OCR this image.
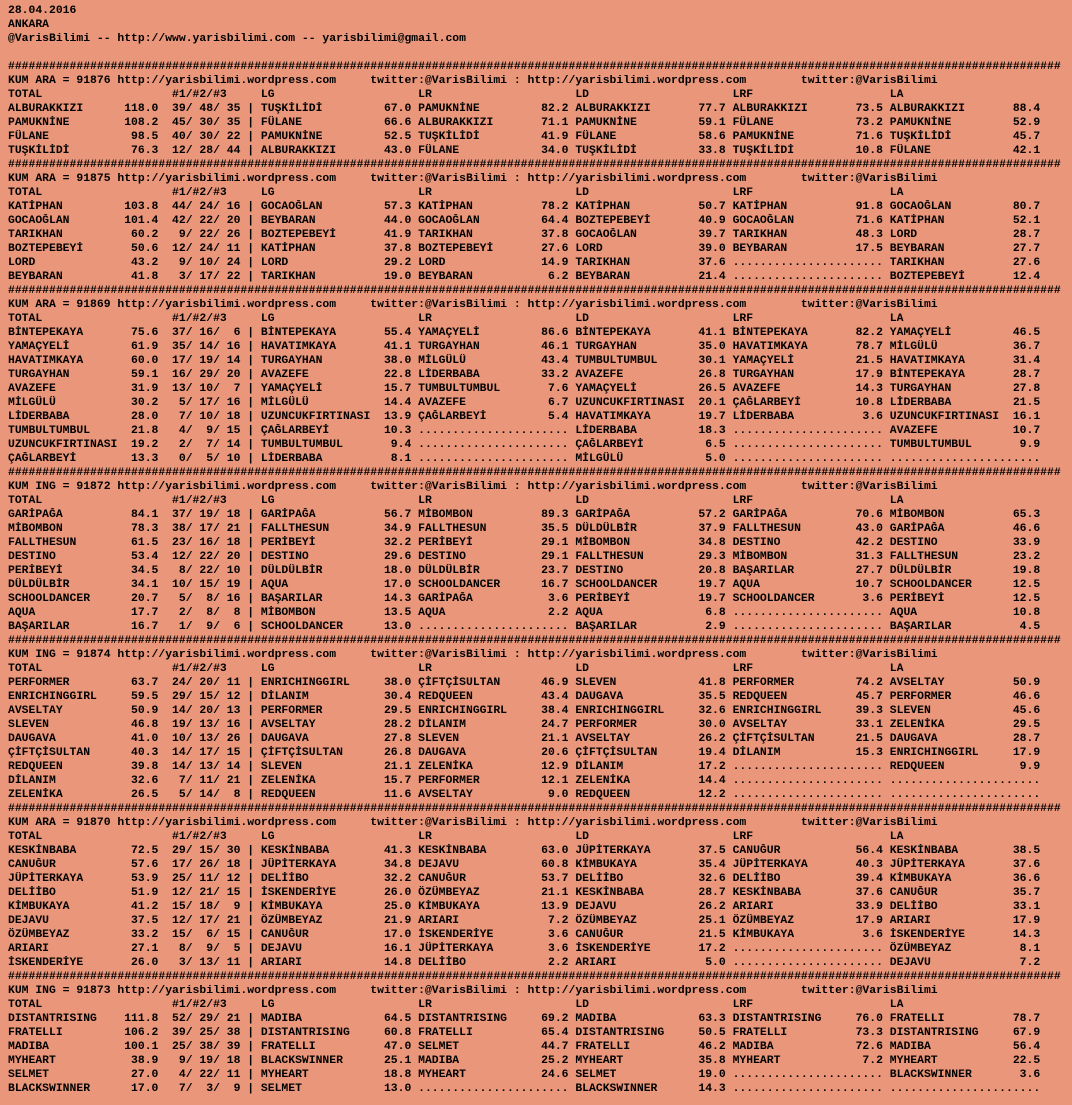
28.04.2016
ANKARA
@VarisBilimi -- http://www.yarisbilimi.com -- yarisbilimi@gmail.com
##########################################################################################################################################################
KUM ARA = 91876 http://yarisbilimi.wordpress.com     twitter:@VarisBilimi : http://yarisbilimi.wordpress.com        twitter:@VarisBilimi
TOTAL                   #1/#2/#3     LG                     LR                     LD                     LRF                    LA
ALBURAKKIZI      118.0  39/ 48/ 35 | TUŞKİLİDİ         67.0 PAMUKNİNE         82.2 ALBURAKKIZI       77.7 ALBURAKKIZI       73.5 ALBURAKKIZI       88.4
PAMUKNİNE        108.2  45/ 30/ 35 | FÜLANE            66.6 ALBURAKKIZI       71.1 PAMUKNİNE         59.1 FÜLANE            73.2 PAMUKNİNE         52.9
FÜLANE            98.5  40/ 30/ 22 | PAMUKNİNE         52.5 TUŞKİLİDİ         41.9 FÜLANE            58.6 PAMUKNİNE         71.6 TUŞKİLİDİ         45.7
TUŞKİLİDİ         76.3  12/ 28/ 44 | ALBURAKKIZI       43.0 FÜLANE            34.0 TUŞKİLİDİ         33.8 TUŞKİLİDİ         10.8 FÜLANE            42.1
##########################################################################################################################################################
KUM ARA = 91875 http://yarisbilimi.wordpress.com     twitter:@VarisBilimi : http://yarisbilimi.wordpress.com        twitter:@VarisBilimi
TOTAL                   #1/#2/#3     LG                     LR                     LD                     LRF                    LA
KATİPHAN         103.8  44/ 24/ 16 | GOCAOĞLAN         57.3 KATİPHAN          78.2 KATİPHAN          50.7 KATİPHAN          91.8 GOCAOĞLAN         80.7
GOCAOĞLAN        101.4  42/ 22/ 20 | BEYBARAN          44.0 GOCAOĞLAN         64.4 BOZTEPEBEYİ       40.9 GOCAOĞLAN         71.6 KATİPHAN          52.1
TARIKHAN          60.2   9/ 22/ 26 | BOZTEPEBEYİ       41.9 TARIKHAN          37.8 GOCAOĞLAN         39.7 TARIKHAN          48.3 LORD              28.7
BOZTEPEBEYİ       50.6  12/ 24/ 11 | KATİPHAN          37.8 BOZTEPEBEYİ       27.6 LORD              39.0 BEYBARAN          17.5 BEYBARAN          27.7
LORD              43.2   9/ 10/ 24 | LORD              29.2 LORD              14.9 TARIKHAN          37.6 ...................... TARIKHAN          27.6
BEYBARAN          41.8   3/ 17/ 22 | TARIKHAN          19.0 BEYBARAN           6.2 BEYBARAN          21.4 ...................... BOZTEPEBEYİ       12.4
##########################################################################################################################################################
KUM ARA = 91869 http://yarisbilimi.wordpress.com     twitter:@VarisBilimi : http://yarisbilimi.wordpress.com        twitter:@VarisBilimi
TOTAL                   #1/#2/#3     LG                     LR                     LD                     LRF                    LA
BİNTEPEKAYA       75.6  37/ 16/  6 | BİNTEPEKAYA       55.4 YAMAÇYELİ         86.6 BİNTEPEKAYA       41.1 BİNTEPEKAYA       82.2 YAMAÇYELİ         46.5
YAMAÇYELİ         61.9  35/ 14/ 16 | HAVATIMKAYA       41.1 TURGAYHAN         46.1 TURGAYHAN         35.0 HAVATIMKAYA       78.7 MİLGÜLÜ           36.7
HAVATIMKAYA       60.0  17/ 19/ 14 | TURGAYHAN         38.0 MİLGÜLÜ           43.4 TUMBULTUMBUL      30.1 YAMAÇYELİ         21.5 HAVATIMKAYA       31.4
TURGAYHAN         59.1  16/ 29/ 20 | AVAZEFE           22.8 LİDERBABA         33.2 AVAZEFE           26.8 TURGAYHAN         17.9 BİNTEPEKAYA       28.7
AVAZEFE           31.9  13/ 10/  7 | YAMAÇYELİ         15.7 TUMBULTUMBUL       7.6 YAMAÇYELİ         26.5 AVAZEFE           14.3 TURGAYHAN         27.8
MİLGÜLÜ           30.2   5/ 17/ 16 | MİLGÜLÜ           14.4 AVAZEFE            6.7 UZUNCUKFIRTINASI  20.1 ÇAĞLARBEYİ        10.8 LİDERBABA         21.5
LİDERBABA         28.0   7/ 10/ 18 | UZUNCUKFIRTINASI  13.9 ÇAĞLARBEYİ         5.4 HAVATIMKAYA       19.7 LİDERBABA          3.6 UZUNCUKFIRTINASI  16.1
TUMBULTUMBUL      21.8   4/  9/ 15 | ÇAĞLARBEYİ        10.3 ...................... LİDERBABA         18.3 ...................... AVAZEFE           10.7
UZUNCUKFIRTINASI  19.2   2/  7/ 14 | TUMBULTUMBUL       9.4 ...................... ÇAĞLARBEYİ         6.5 ...................... TUMBULTUMBUL       9.9
ÇAĞLARBEYİ        13.3   0/  5/ 10 | LİDERBABA          8.1 ...................... MİLGÜLÜ            5.0 ...................... ......................
##########################################################################################################################################################
KUM ING = 91872 http://yarisbilimi.wordpress.com     twitter:@VarisBilimi : http://yarisbilimi.wordpress.com        twitter:@VarisBilimi
TOTAL                   #1/#2/#3     LG                     LR                     LD                     LRF                    LA
GARİPAĞA          84.1  37/ 19/ 18 | GARİPAĞA          56.7 MİBOMBON          89.3 GARİPAĞA          57.2 GARİPAĞA          70.6 MİBOMBON          65.3
MİBOMBON          78.3  38/ 17/ 21 | FALLTHESUN        34.9 FALLTHESUN        35.5 DÜLDÜLBİR         37.9 FALLTHESUN        43.0 GARİPAĞA          46.6
FALLTHESUN        61.5  23/ 16/ 18 | PERİBEYİ          32.2 PERİBEYİ          29.1 MİBOMBON          34.8 DESTINO           42.2 DESTINO           33.9
DESTINO           53.4  12/ 22/ 20 | DESTINO           29.6 DESTINO           29.1 FALLTHESUN        29.3 MİBOMBON          31.3 FALLTHESUN        23.2
PERİBEYİ          34.5   8/ 22/ 10 | DÜLDÜLBİR         18.0 DÜLDÜLBİR         23.7 DESTINO           20.8 BAŞARILAR         27.7 DÜLDÜLBİR         19.8
DÜLDÜLBİR         34.1  10/ 15/ 19 | AQUA              17.0 SCHOOLDANCER      16.7 SCHOOLDANCER      19.7 AQUA              10.7 SCHOOLDANCER      12.5
SCHOOLDANCER      20.7   5/  8/ 16 | BAŞARILAR         14.3 GARİPAĞA           3.6 PERİBEYİ          19.7 SCHOOLDANCER       3.6 PERİBEYİ          12.5
AQUA              17.7   2/  8/  8 | MİBOMBON          13.5 AQUA               2.2 AQUA               6.8 ...................... AQUA              10.8
BAŞARILAR         16.7   1/  9/  6 | SCHOOLDANCER      13.0 ...................... BAŞARILAR          2.9 ...................... BAŞARILAR          4.5
##########################################################################################################################################################
KUM ING = 91874 http://yarisbilimi.wordpress.com     twitter:@VarisBilimi : http://yarisbilimi.wordpress.com        twitter:@VarisBilimi
TOTAL                   #1/#2/#3     LG                     LR                     LD                     LRF                    LA
PERFORMER         63.7  24/ 20/ 11 | ENRICHINGGIRL     38.0 ÇİFTÇİSULTAN      46.9 SLEVEN            41.8 PERFORMER         74.2 AVSELTAY          50.9
ENRICHINGGIRL     59.5  29/ 15/ 12 | DİLANIM           30.4 REDQUEEN          43.4 DAUGAVA           35.5 REDQUEEN          45.7 PERFORMER         46.6
AVSELTAY          50.9  14/ 20/ 13 | PERFORMER         29.5 ENRICHINGGIRL     38.4 ENRICHINGGIRL     32.6 ENRICHINGGIRL     39.3 SLEVEN            45.6
SLEVEN            46.8  19/ 13/ 16 | AVSELTAY          28.2 DİLANIM           24.7 PERFORMER         30.0 AVSELTAY          33.1 ZELENİKA          29.5
DAUGAVA           41.0  10/ 13/ 26 | DAUGAVA           27.8 SLEVEN            21.1 AVSELTAY          26.2 ÇİFTÇİSULTAN      21.5 DAUGAVA           28.7
ÇİFTÇİSULTAN      40.3  14/ 17/ 15 | ÇİFTÇİSULTAN      26.8 DAUGAVA           20.6 ÇİFTÇİSULTAN      19.4 DİLANIM           15.3 ENRICHINGGIRL     17.9
REDQUEEN          39.8  14/ 13/ 14 | SLEVEN            21.1 ZELENİKA          12.9 DİLANIM           17.2 ...................... REDQUEEN           9.9
DİLANIM           32.6   7/ 11/ 21 | ZELENİKA          15.7 PERFORMER         12.1 ZELENİKA          14.4 ...................... ......................
ZELENİKA          26.5   5/ 14/  8 | REDQUEEN          11.6 AVSELTAY           9.0 REDQUEEN          12.2 ...................... ......................
##########################################################################################################################################################
KUM ARA = 91870 http://yarisbilimi.wordpress.com     twitter:@VarisBilimi : http://yarisbilimi.wordpress.com        twitter:@VarisBilimi
TOTAL                   #1/#2/#3     LG                     LR                     LD                     LRF                    LA
KESKİNBABA        72.5  29/ 15/ 30 | KESKİNBABA        41.3 KESKİNBABA        63.0 JÜPİTERKAYA       37.5 CANUĞUR           56.4 KESKİNBABA        38.5
CANUĞUR           57.6  17/ 26/ 18 | JÜPİTERKAYA       34.8 DEJAVU            60.8 KİMBUKAYA         35.4 JÜPİTERKAYA       40.3 JÜPİTERKAYA       37.6
JÜPİTERKAYA       53.9  25/ 11/ 12 | DELİİBO           32.2 CANUĞUR           53.7 DELİİBO           32.6 DELİİBO           39.4 KİMBUKAYA         36.6
DELİİBO           51.9  12/ 21/ 15 | İSKENDERİYE       26.0 ÖZÜMBEYAZ         21.1 KESKİNBABA        28.7 KESKİNBABA        37.6 CANUĞUR           35.7
KİMBUKAYA         41.2  15/ 18/  9 | KİMBUKAYA         25.0 KİMBUKAYA         13.9 DEJAVU            26.2 ARIARI            33.9 DELİİBO           33.1
DEJAVU            37.5  12/ 17/ 21 | ÖZÜMBEYAZ         21.9 ARIARI             7.2 ÖZÜMBEYAZ         25.1 ÖZÜMBEYAZ         17.9 ARIARI            17.9
ÖZÜMBEYAZ         33.2  15/  6/ 15 | CANUĞUR           17.0 İSKENDERİYE        3.6 CANUĞUR           21.5 KİMBUKAYA          3.6 İSKENDERİYE       14.3
ARIARI            27.1   8/  9/  5 | DEJAVU            16.1 JÜPİTERKAYA        3.6 İSKENDERİYE       17.2 ...................... ÖZÜMBEYAZ          8.1
İSKENDERİYE       26.0   3/ 13/ 11 | ARIARI            14.8 DELİİBO            2.2 ARIARI             5.0 ...................... DEJAVU             7.2
##########################################################################################################################################################
KUM ING = 91873 http://yarisbilimi.wordpress.com     twitter:@VarisBilimi : http://yarisbilimi.wordpress.com        twitter:@VarisBilimi
TOTAL                   #1/#2/#3     LG                     LR                     LD                     LRF                    LA
DISTANTRISING    111.8  52/ 29/ 21 | MADIBA            64.5 DISTANTRISING     69.2 MADIBA            63.3 DISTANTRISING     76.0 FRATELLI          78.7
FRATELLI         106.2  39/ 25/ 38 | DISTANTRISING     60.8 FRATELLI          65.4 DISTANTRISING     50.5 FRATELLI          73.3 DISTANTRISING     67.9
MADIBA           100.1  25/ 38/ 39 | FRATELLI          47.0 SELMET            44.7 FRATELLI          46.2 MADIBA            72.6 MADIBA            56.4
MYHEART           38.9   9/ 19/ 18 | BLACKSWINNER      25.1 MADIBA            25.2 MYHEART           35.8 MYHEART            7.2 MYHEART           22.5
SELMET            27.0   4/ 22/ 11 | MYHEART           18.8 MYHEART           24.6 SELMET            19.0 ...................... BLACKSWINNER       3.6
BLACKSWINNER      17.0   7/  3/  9 | SELMET            13.0 ...................... BLACKSWINNER      14.3 ...................... ......................
